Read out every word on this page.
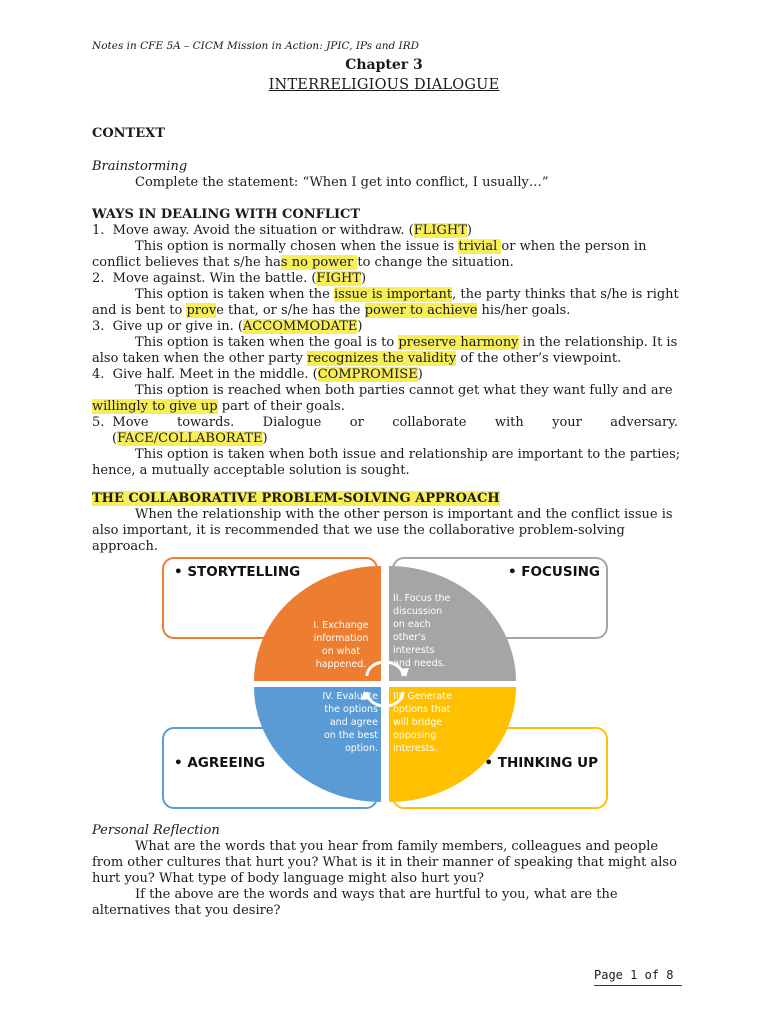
Notes in CFE 5A – CICM Mission in Action: JPIC, IPs and IRD
Chapter 3
INTERRELIGIOUS DIALOGUE
CONTEXT
Brainstorming
Complete the statement: “When I get into conflict, I usually…”
WAYS IN DEALING WITH CONFLICT
1. Move away. Avoid the situation or withdraw. (FLIGHT)
This option is normally chosen when the issue is trivial or when the person in
conflict believes that s/he has no power to change the situation.
2. Move against. Win the battle. (FIGHT)
This option is taken when the issue is important, the party thinks that s/he is right
and is bent to prove that, or s/he has the power to achieve his/her goals.
3. Give up or give in. (ACCOMMODATE)
This option is taken when the goal is to preserve harmony in the relationship. It is
also taken when the other party recognizes the validity of the other’s viewpoint.
4. Give half. Meet in the middle. (COMPROMISE)
This option is reached when both parties cannot get what they want fully and are
willingly to give up part of their goals.
5. Move towards. Dialogue or collaborate with your adversary.
(FACE/COLLABORATE)
This option is taken when both issue and relationship are important to the parties;
hence, a mutually acceptable solution is sought.
THE COLLABORATIVE PROBLEM-SOLVING APPROACH
When the relationship with the other person is important and the conflict issue is
also important, it is recommended that we use the collaborative problem-solving
approach.
• STORYTELLING	• FOCUSING
• AGREEING	• THINKING UP
I. Exchange
information
on what
happened.
II. Focus the
discussion
on each
other's
interests
and needs.
III. Generate
options that
will bridge
opposing
interests.
IV. Evaluate
the options
and agree
on the best
option.
Personal Reflection
What are the words that you hear from family members, colleagues and people
from other cultures that hurt you? What is it in their manner of speaking that might also
hurt you? What type of body language might also hurt you?
If the above are the words and ways that are hurtful to you, what are the
alternatives that you desire?
Page 1 of 8
